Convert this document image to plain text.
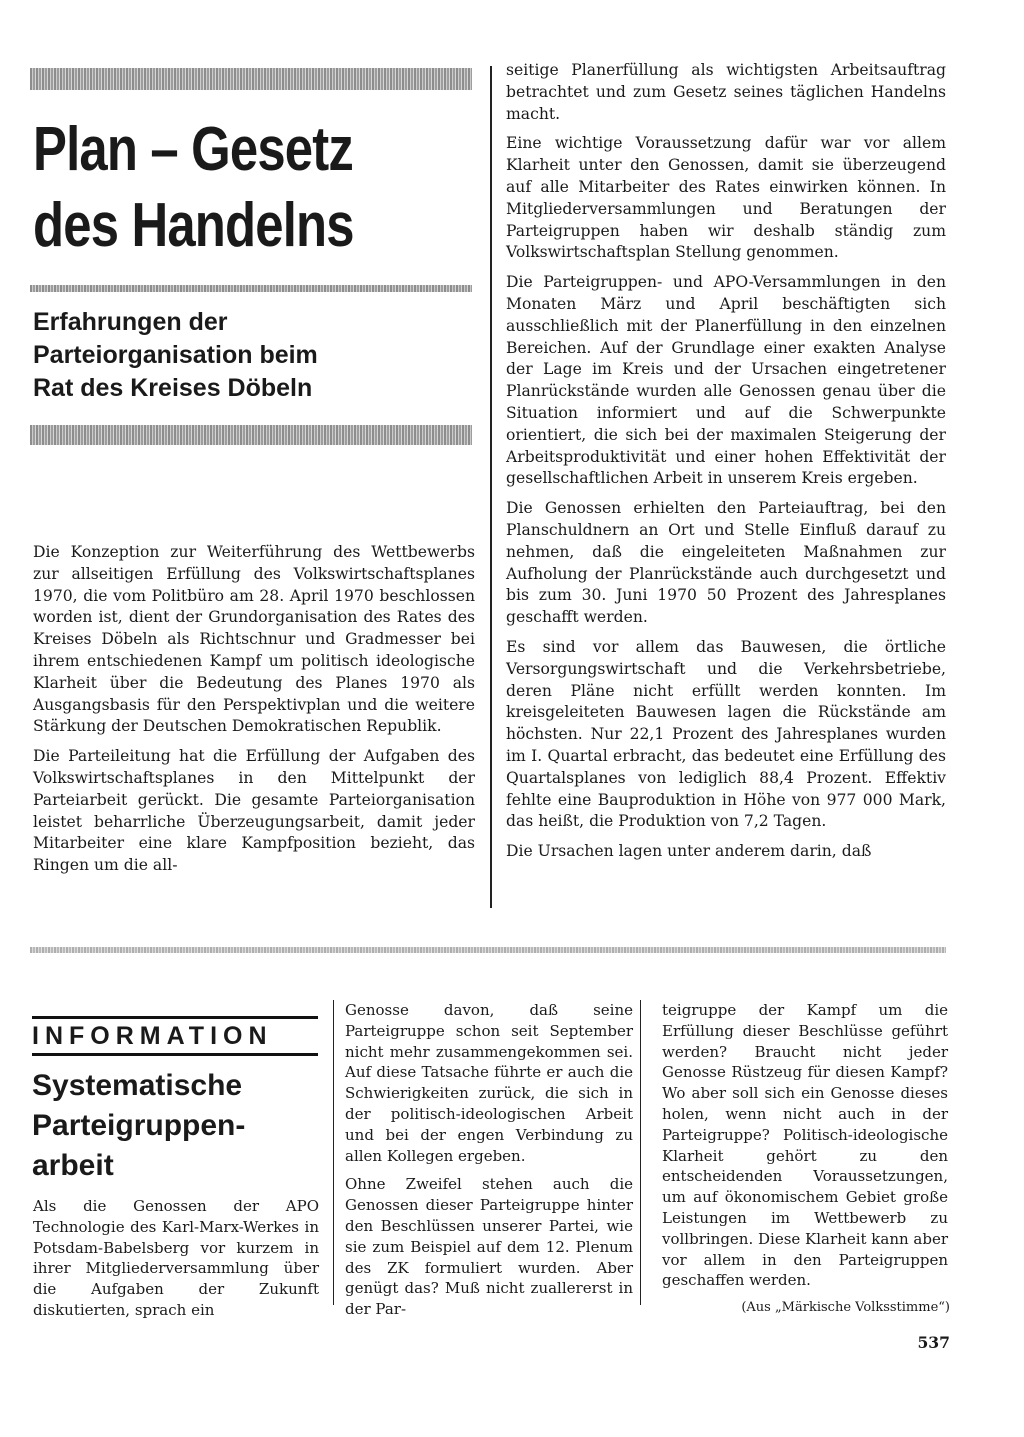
Plan – Gesetz
des Handelns
Erfahrungen der
Parteiorganisation beim
Rat des Kreises Döbeln

Die Konzeption zur Weiterführung des Wettbewerbs zur allseitigen Erfüllung des Volkswirtschaftsplanes 1970, die vom Politbüro am 28. April 1970 beschlossen worden ist, dient der Grundorganisation des Rates des Kreises Döbeln als Richtschnur und Gradmesser bei ihrem entschiedenen Kampf um politisch ideologische Klarheit über die Bedeutung des Planes 1970 als Ausgangsbasis für den Perspektivplan und die weitere Stärkung der Deutschen Demokratischen Republik.

Die Parteileitung hat die Erfüllung der Aufgaben des Volkswirtschaftsplanes in den Mittelpunkt der Parteiarbeit gerückt. Die gesamte Parteiorganisation leistet beharrliche Überzeugungsarbeit, damit jeder Mitarbeiter eine klare Kampfposition bezieht, das Ringen um die all-

seitige Planerfüllung als wichtigsten Arbeitsauftrag betrachtet und zum Gesetz seines täglichen Handelns macht.

Eine wichtige Voraussetzung dafür war vor allem Klarheit unter den Genossen, damit sie überzeugend auf alle Mitarbeiter des Rates einwirken können. In Mitgliederversammlungen und Beratungen der Parteigruppen haben wir deshalb ständig zum Volkswirtschaftsplan Stellung genommen.

Die Parteigruppen- und APO-Versammlungen in den Monaten März und April beschäftigten sich ausschließlich mit der Planerfüllung in den einzelnen Bereichen. Auf der Grundlage einer exakten Analyse der Lage im Kreis und der Ursachen eingetretener Planrückstände wurden alle Genossen genau über die Situation informiert und auf die Schwerpunkte orientiert, die sich bei der maximalen Steigerung der Arbeitsproduktivität und einer hohen Effektivität der gesellschaftlichen Arbeit in unserem Kreis ergeben.

Die Genossen erhielten den Parteiauftrag, bei den Planschuldnern an Ort und Stelle Einfluß darauf zu nehmen, daß die eingeleiteten Maßnahmen zur Aufholung der Planrückstände auch durchgesetzt und bis zum 30. Juni 1970 50 Prozent des Jahresplanes geschafft werden.

Es sind vor allem das Bauwesen, die örtliche Versorgungswirtschaft und die Verkehrsbetriebe, deren Pläne nicht erfüllt werden konnten. Im kreisgeleiteten Bauwesen lagen die Rückstände am höchsten. Nur 22,1 Prozent des Jahresplanes wurden im I. Quartal erbracht, das bedeutet eine Erfüllung des Quartalsplanes von lediglich 88,4 Prozent. Effektiv fehlte eine Bauproduktion in Höhe von 977 000 Mark, das heißt, die Produktion von 7,2 Tagen.

Die Ursachen lagen unter anderem darin, daß

INFORMATION
Systematische
Parteigruppen-
arbeit

Als die Genossen der APO Technologie des Karl-Marx-Werkes in Potsdam-Babelsberg vor kurzem in ihrer Mitgliederversammlung über die Aufgaben der Zukunft diskutierten, sprach ein

Genosse davon, daß seine Parteigruppe schon seit September nicht mehr zusammengekommen sei. Auf diese Tatsache führte er auch die Schwierigkeiten zurück, die sich in der politisch-ideologischen Arbeit und bei der engen Verbindung zu allen Kollegen ergeben.

Ohne Zweifel stehen auch die Genossen dieser Parteigruppe hinter den Beschlüssen unserer Partei, wie sie zum Beispiel auf dem 12. Plenum des ZK formuliert wurden. Aber genügt das? Muß nicht zuallererst in der Par-

teigruppe der Kampf um die Erfüllung dieser Beschlüsse geführt werden? Braucht nicht jeder Genosse Rüstzeug für diesen Kampf? Wo aber soll sich ein Genosse dieses holen, wenn nicht auch in der Parteigruppe? Politisch-ideologische Klarheit gehört zu den entscheidenden Voraussetzungen, um auf ökonomischem Gebiet große Leistungen im Wettbewerb zu vollbringen. Diese Klarheit kann aber vor allem in den Parteigruppen geschaffen werden.

(Aus „Märkische Volksstimme“)
537
